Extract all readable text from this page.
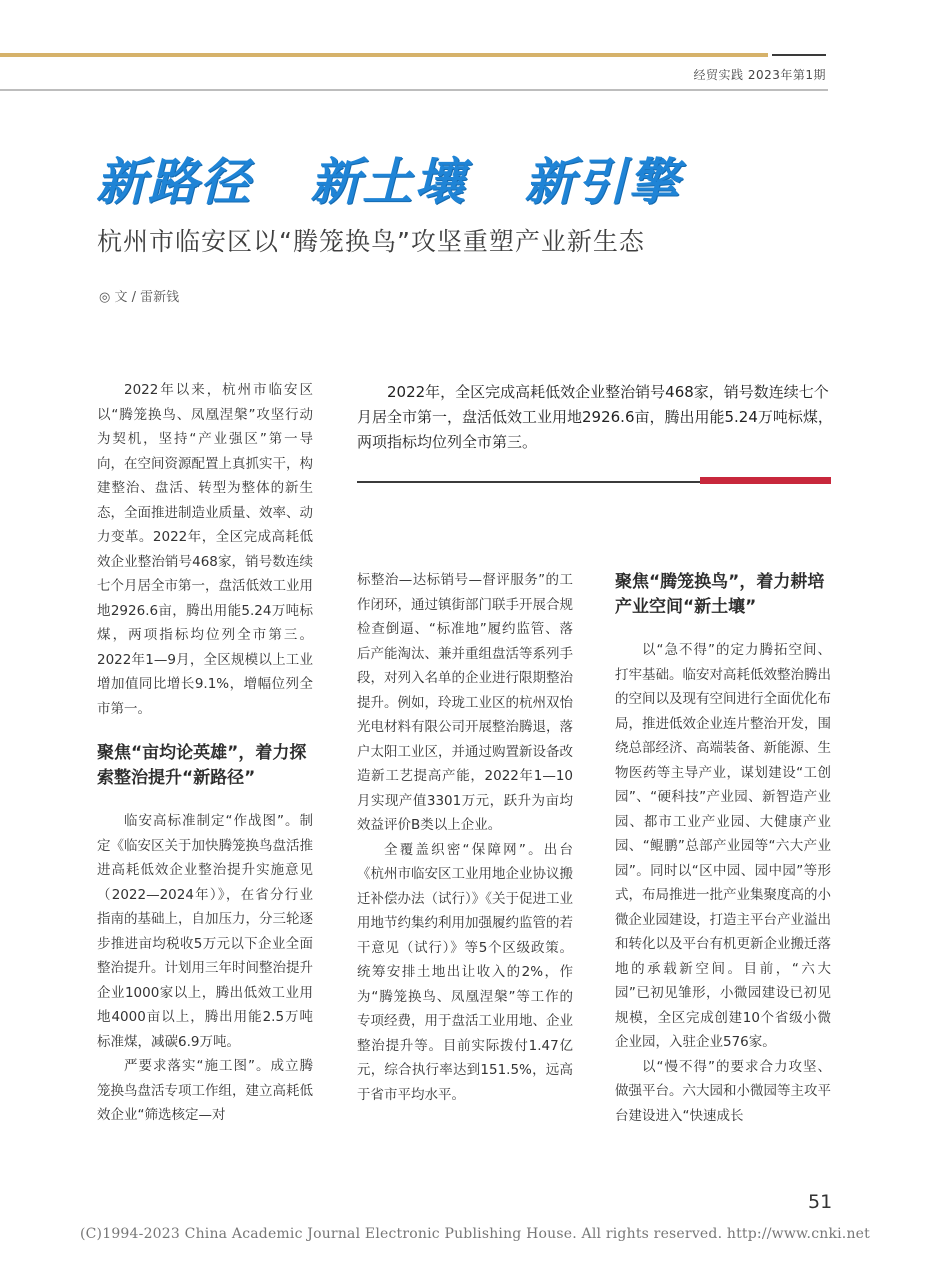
经贸实践 2023年第1期
新路径   新土壤   新引擎
杭州市临安区以“腾笼换鸟”攻坚重塑产业新生态
◎ 文 / 雷新钱

2022年，全区完成高耗低效企业整治销号468家，销号数连续七个月居全市第一，盘活低效工业用地2926.6亩，腾出用能5.24万吨标煤，两项指标均位列全市第三。

2022年以来，杭州市临安区以“腾笼换鸟、凤凰涅槃”攻坚行动为契机，坚持“产业强区”第一导向，在空间资源配置上真抓实干，构建整治、盘活、转型为整体的新生态，全面推进制造业质量、效率、动力变革。2022年，全区完成高耗低效企业整治销号468家，销号数连续七个月居全市第一，盘活低效工业用地2926.6亩，腾出用能5.24万吨标煤，两项指标均位列全市第三。2022年1—9月，全区规模以上工业增加值同比增长9.1%，增幅位列全市第一。

聚焦“亩均论英雄”，着力探索整治提升“新路径”

临安高标准制定“作战图”。制定《临安区关于加快腾笼换鸟盘活推进高耗低效企业整治提升实施意见（2022—2024年）》，在省分行业指南的基础上，自加压力，分三轮逐步推进亩均税收5万元以下企业全面整治提升。计划用三年时间整治提升企业1000家以上，腾出低效工业用地4000亩以上，腾出用能2.5万吨标准煤，减碳6.9万吨。

严要求落实“施工图”。成立腾笼换鸟盘活专项工作组，建立高耗低效企业“筛选核定—对

标整治—达标销号—督评服务”的工作闭环，通过镇街部门联手开展合规检查倒逼、“标准地”履约监管、落后产能淘汰、兼并重组盘活等系列手段，对列入名单的企业进行限期整治提升。例如，玲珑工业区的杭州双怡光电材料有限公司开展整治腾退，落户太阳工业区，并通过购置新设备改造新工艺提高产能，2022年1—10月实现产值3301万元，跃升为亩均效益评价B类以上企业。

全覆盖织密“保障网”。出台《杭州市临安区工业用地企业协议搬迁补偿办法（试行）》《关于促进工业用地节约集约利用加强履约监管的若干意见（试行）》等5个区级政策。统筹安排土地出让收入的2%，作为“腾笼换鸟、凤凰涅槃”等工作的专项经费，用于盘活工业用地、企业整治提升等。目前实际拨付1.47亿元，综合执行率达到151.5%，远高于省市平均水平。

聚焦“腾笼换鸟”，着力耕培产业空间“新土壤”

以“急不得”的定力腾拓空间、打牢基础。临安对高耗低效整治腾出的空间以及现有空间进行全面优化布局，推进低效企业连片整治开发，围绕总部经济、高端装备、新能源、生物医药等主导产业，谋划建设“工创园”、“硬科技”产业园、新智造产业园、都市工业产业园、大健康产业园、“鲲鹏”总部产业园等“六大产业园”。同时以“区中园、园中园”等形式，布局推进一批产业集聚度高的小微企业园建设，打造主平台产业溢出和转化以及平台有机更新企业搬迁落地的承载新空间。目前，“六大园”已初见雏形，小微园建设已初见规模，全区完成创建10个省级小微企业园，入驻企业576家。

以“慢不得”的要求合力攻坚、做强平台。六大园和小微园等主攻平台建设进入“快速成长

51
(C)1994-2023 China Academic Journal Electronic Publishing House. All rights reserved. http://www.cnki.net
